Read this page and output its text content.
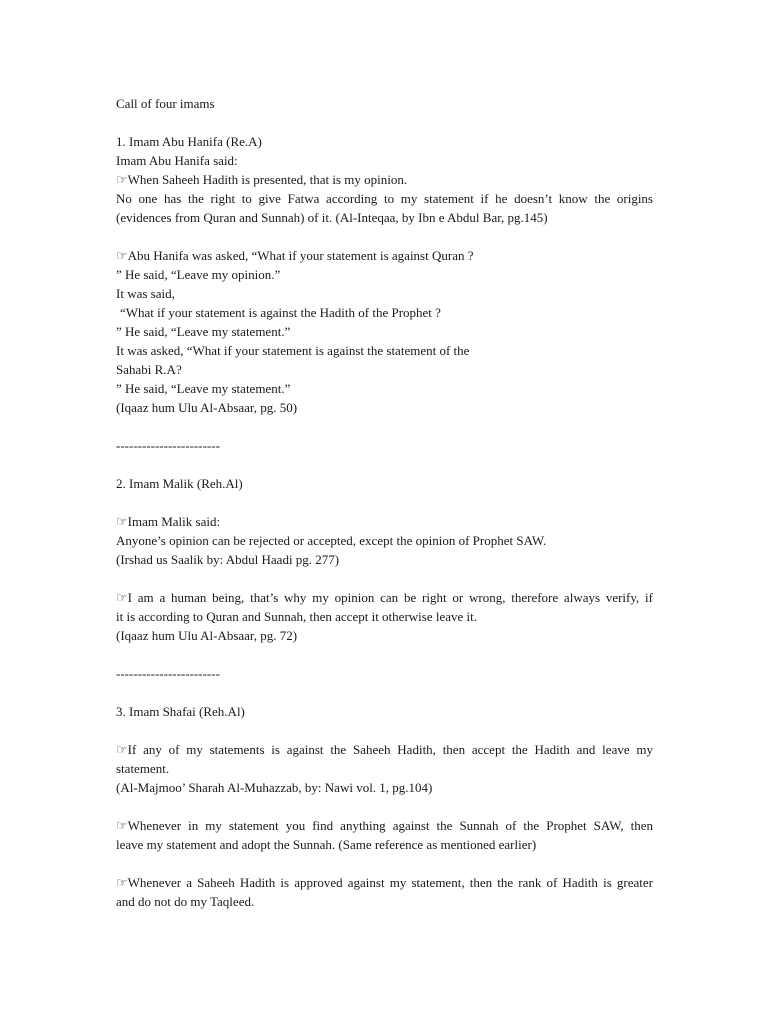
Call of four imams
1. Imam Abu Hanifa (Re.A)
Imam Abu Hanifa said:
☞When Saheeh Hadith is presented, that is my opinion.
No one has the right to give Fatwa according to my statement if he doesn’t know the origins
(evidences from Quran and Sunnah) of it. (Al-Inteqaa, by Ibn e Abdul Bar, pg.145)
☞Abu Hanifa was asked, “What if your statement is against Quran ?
” He said, “Leave my opinion.”
It was said,
“What if your statement is against the Hadith of the Prophet ?
” He said, “Leave my statement.”
It was asked, “What if your statement is against the statement of the
Sahabi R.A?
” He said, “Leave my statement.”
(Iqaaz hum Ulu Al-Absaar, pg. 50)
------------------------
2. Imam Malik (Reh.Al)
☞Imam Malik said:
Anyone’s opinion can be rejected or accepted, except the opinion of Prophet SAW.
(Irshad us Saalik by: Abdul Haadi pg. 277)
☞I am a human being, that’s why my opinion can be right or wrong, therefore always verify, if
it is according to Quran and Sunnah, then accept it otherwise leave it.
(Iqaaz hum Ulu Al-Absaar, pg. 72)
------------------------
3. Imam Shafai (Reh.Al)
☞If any of my statements is against the Saheeh Hadith, then accept the Hadith and leave my
statement.
(Al-Majmoo’ Sharah Al-Muhazzab, by: Nawi vol. 1, pg.104)
☞Whenever in my statement you find anything against the Sunnah of the Prophet SAW, then
leave my statement and adopt the Sunnah. (Same reference as mentioned earlier)
☞Whenever a Saheeh Hadith is approved against my statement, then the rank of Hadith is greater
and do not do my Taqleed.
